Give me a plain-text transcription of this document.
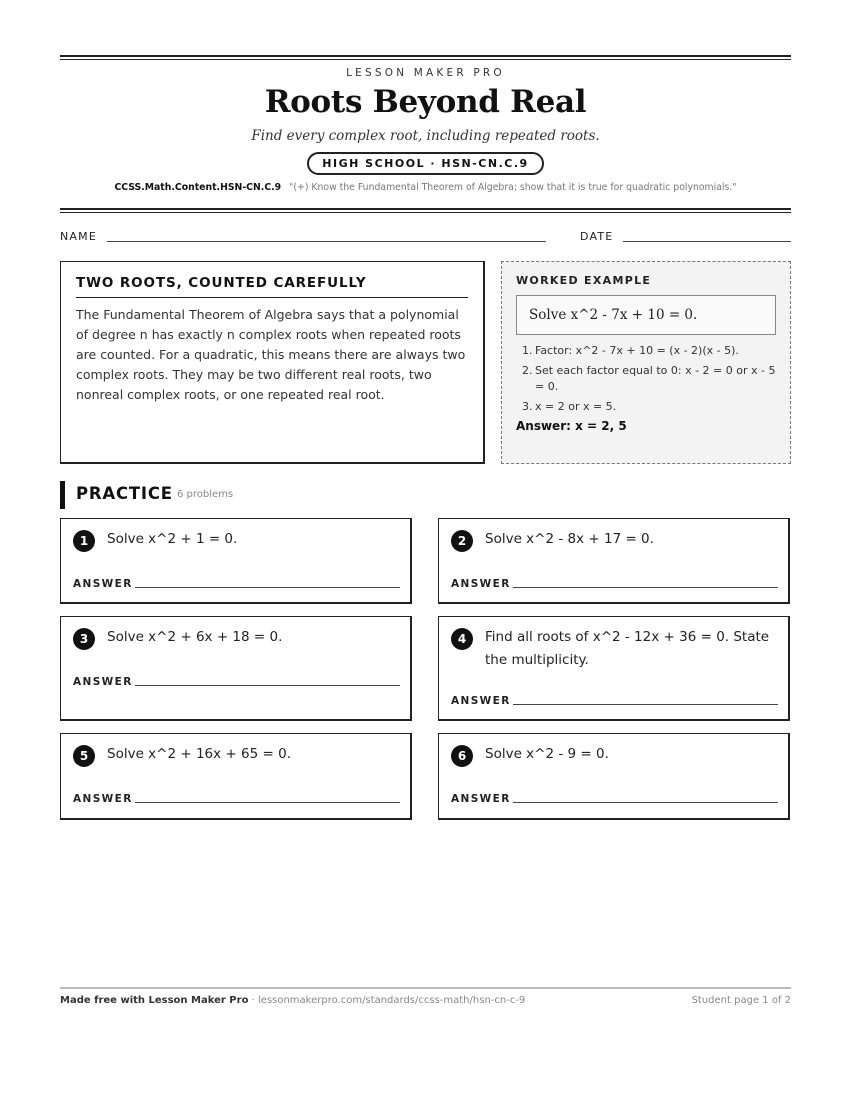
LESSON MAKER PRO
Roots Beyond Real
Find every complex root, including repeated roots.
HIGH SCHOOL · HSN-CN.C.9
CCSS.Math.Content.HSN-CN.C.9 "(+) Know the Fundamental Theorem of Algebra; show that it is true for quadratic polynomials."
NAME	DATE
TWO ROOTS, COUNTED CAREFULLY
The Fundamental Theorem of Algebra says that a polynomial of degree n has exactly n complex roots when repeated roots are counted. For a quadratic, this means there are always two complex roots. They may be two different real roots, two nonreal complex roots, or one repeated real root.
WORKED EXAMPLE
Solve x^2 - 7x + 10 = 0.
1. Factor: x^2 - 7x + 10 = (x - 2)(x - 5).
2. Set each factor equal to 0: x - 2 = 0 or x - 5 = 0.
3. x = 2 or x = 5.
Answer: x = 2, 5
PRACTICE 6 problems
1	Solve x^2 + 1 = 0.
ANSWER
2	Solve x^2 - 8x + 17 = 0.
ANSWER
3	Solve x^2 + 6x + 18 = 0.
ANSWER
4	Find all roots of x^2 - 12x + 36 = 0. State the multiplicity.
ANSWER
5	Solve x^2 + 16x + 65 = 0.
ANSWER
6	Solve x^2 - 9 = 0.
ANSWER
Made free with Lesson Maker Pro · lessonmakerpro.com/standards/ccss-math/hsn-cn-c-9	Student page 1 of 2
